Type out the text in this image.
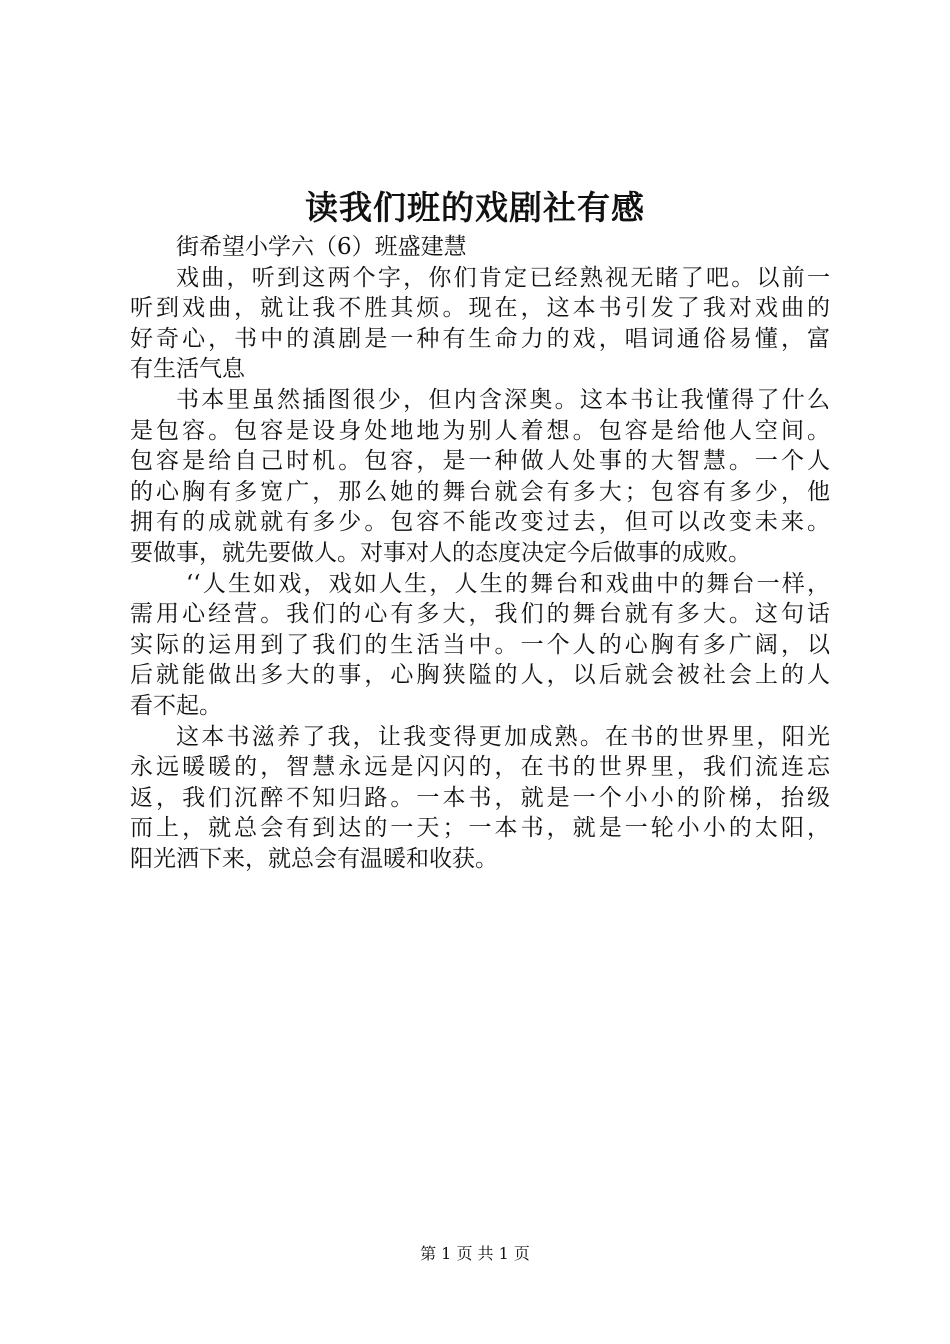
读我们班的戏剧社有感
街希望小学六（6）班盛建慧
戏曲，听到这两个字，你们肯定已经熟视无睹了吧。以前一
听到戏曲，就让我不胜其烦。现在，这本书引发了我对戏曲的
好奇心，书中的滇剧是一种有生命力的戏，唱词通俗易懂，富
有生活气息
书本里虽然插图很少，但内含深奥。这本书让我懂得了什么
是包容。包容是设身处地地为别人着想。包容是给他人空间。
包容是给自己时机。包容，是一种做人处事的大智慧。一个人
的心胸有多宽广，那么她的舞台就会有多大；包容有多少，他
拥有的成就就有多少。包容不能改变过去，但可以改变未来。
要做事，就先要做人。对事对人的态度决定今后做事的成败。
‘‘人生如戏，戏如人生，人生的舞台和戏曲中的舞台一样，
需用心经营。我们的心有多大，我们的舞台就有多大。这句话
实际的运用到了我们的生活当中。一个人的心胸有多广阔，以
后就能做出多大的事，心胸狭隘的人，以后就会被社会上的人
看不起。
这本书滋养了我，让我变得更加成熟。在书的世界里，阳光
永远暖暖的，智慧永远是闪闪的，在书的世界里，我们流连忘
返，我们沉醉不知归路。一本书，就是一个小小的阶梯，抬级
而上，就总会有到达的一天；一本书，就是一轮小小的太阳，
阳光洒下来，就总会有温暖和收获。
第 1 页 共 1 页
